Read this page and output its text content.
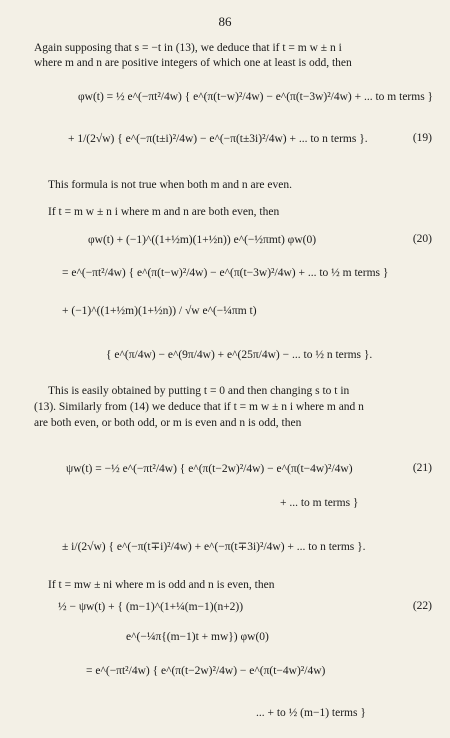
86
Again supposing that s = −t in (13), we deduce that if t = m w ± n i
where m and n are positive integers of which one at least is odd, then
φw(t) = ½ e^(−πt²/4w) { e^(π(t−w)²/4w) − e^(π(t−3w)²/4w) + ... to m terms }
+ 1/(2√w) { e^(−π(t±i)²/4w) − e^(−π(t±3i)²/4w) + ... to n terms }.	(19)
This formula is not true when both m and n are even.
If t = m w ± n i where m and n are both even, then
φw(t) + (−1)^((1+½m)(1+½n)) e^(−½πmt) φw(0)	(20)
= e^(−πt²/4w) { e^(π(t−w)²/4w) − e^(π(t−3w)²/4w) + ... to ½ m terms }
+ (−1)^((1+½m)(1+½n)) / √w e^(−¼πm t)
{ e^(π/4w) − e^(9π/4w) + e^(25π/4w) − ... to ½ n terms }.
This is easily obtained by putting t = 0 and then changing s to t in
(13). Similarly from (14) we deduce that if t = m w ± n i where m and n
are both even, or both odd, or m is even and n is odd, then
ψw(t) = −½ e^(−πt²/4w) { e^(π(t−2w)²/4w) − e^(π(t−4w)²/4w)	(21)
+ ... to m terms }
± i/(2√w) { e^(−π(t∓i)²/4w) + e^(−π(t∓3i)²/4w) + ... to n terms }.
If t = mw ± ni where m is odd and n is even, then
½ − ψw(t) + { (m−1)^(1+¼(m−1)(n+2))	(22)
e^(−¼π{(m−1)t + mw}) φw(0)
= e^(−πt²/4w) { e^(π(t−2w)²/4w) − e^(π(t−4w)²/4w)
... + to ½ (m−1) terms }
